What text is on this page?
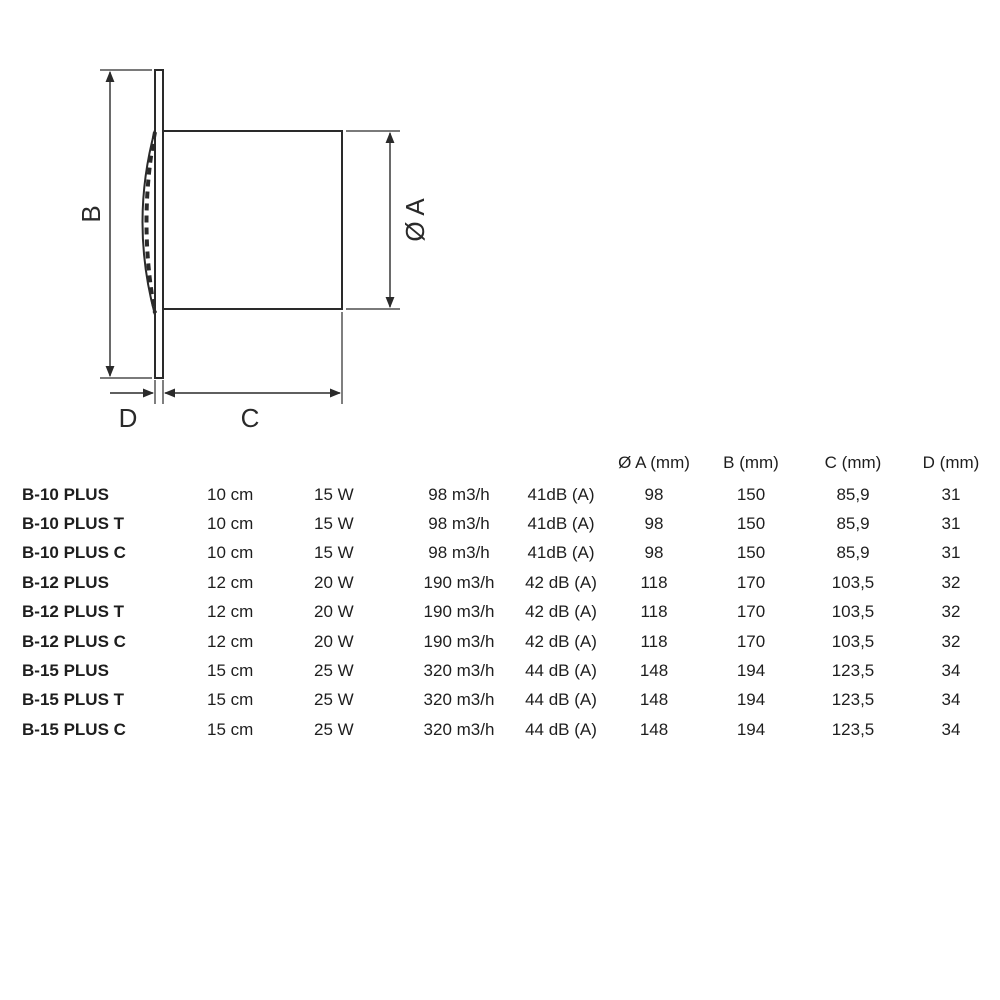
B	Ø A
D	C
					Ø A (mm)	B (mm)	C (mm)	D (mm)
B-10 PLUS	10 cm	15 W	98 m3/h	41dB (A)	98	150	85,9	31
B-10 PLUS T	10 cm	15 W	98 m3/h	41dB (A)	98	150	85,9	31
B-10 PLUS C	10 cm	15 W	98 m3/h	41dB (A)	98	150	85,9	31
B-12 PLUS	12 cm	20 W	190 m3/h	42 dB (A)	118	170	103,5	32
B-12 PLUS T	12 cm	20 W	190 m3/h	42 dB (A)	118	170	103,5	32
B-12 PLUS C	12 cm	20 W	190 m3/h	42 dB (A)	118	170	103,5	32
B-15 PLUS	15 cm	25 W	320 m3/h	44 dB (A)	148	194	123,5	34
B-15 PLUS T	15 cm	25 W	320 m3/h	44 dB (A)	148	194	123,5	34
B-15 PLUS C	15 cm	25 W	320 m3/h	44 dB (A)	148	194	123,5	34
